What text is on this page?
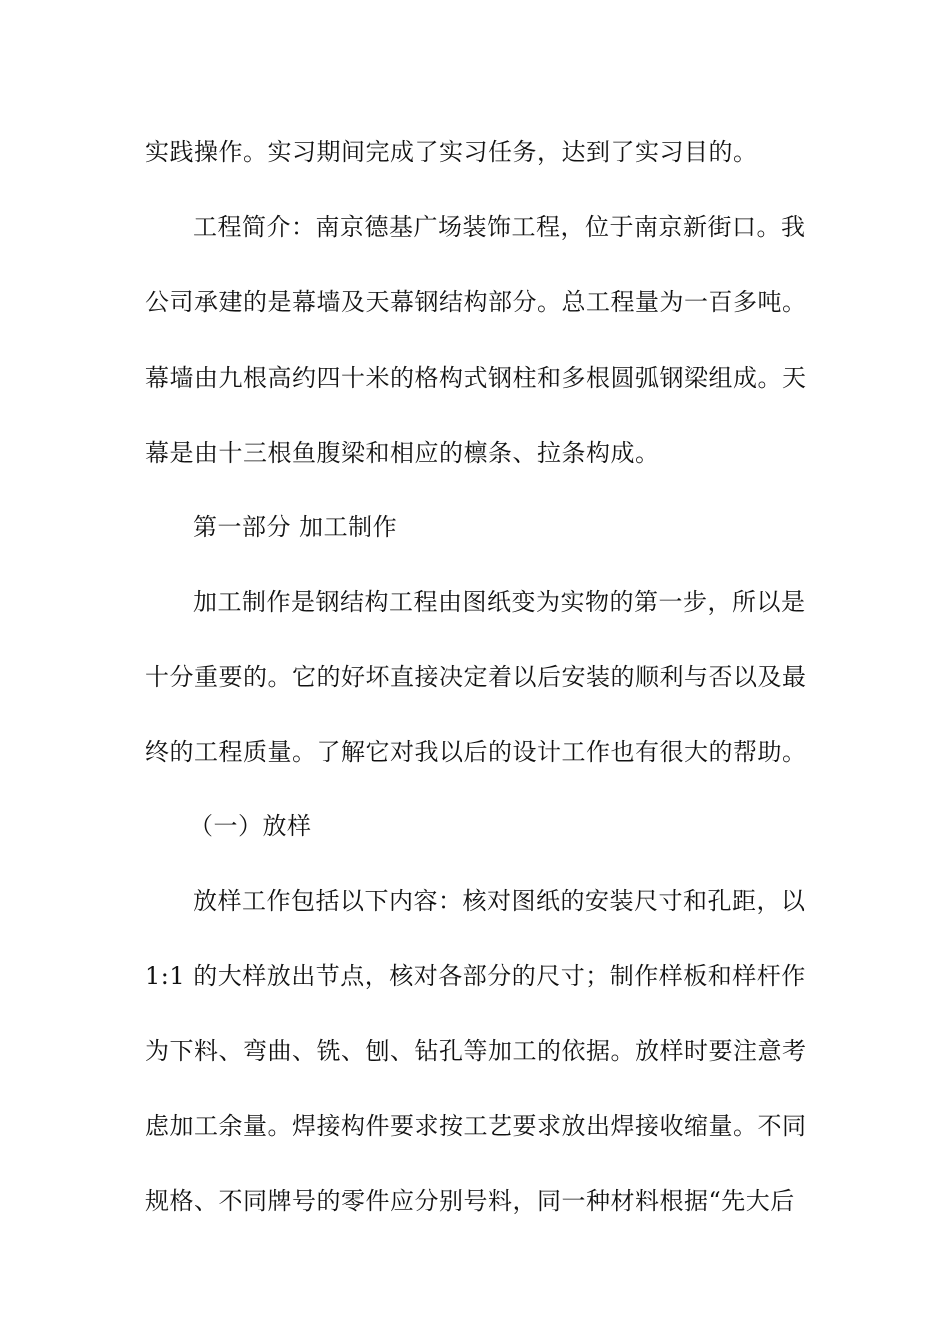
实践操作。实习期间完成了实习任务，达到了实习目的。
工程简介：南京德基广场装饰工程，位于南京新街口。我
公司承建的是幕墙及天幕钢结构部分。总工程量为一百多吨。
幕墙由九根高约四十米的格构式钢柱和多根圆弧钢梁组成。天
幕是由十三根鱼腹梁和相应的檩条、拉条构成。
第一部分 加工制作
加工制作是钢结构工程由图纸变为实物的第一步，所以是
十分重要的。它的好坏直接决定着以后安装的顺利与否以及最
终的工程质量。了解它对我以后的设计工作也有很大的帮助。
（一）放样
放样工作包括以下内容：核对图纸的安装尺寸和孔距，以
1:1 的大样放出节点，核对各部分的尺寸；制作样板和样杆作
为下料、弯曲、铣、刨、钻孔等加工的依据。放样时要注意考
虑加工余量。焊接构件要求按工艺要求放出焊接收缩量。不同
规格、不同牌号的零件应分别号料，同一种材料根据“先大后
